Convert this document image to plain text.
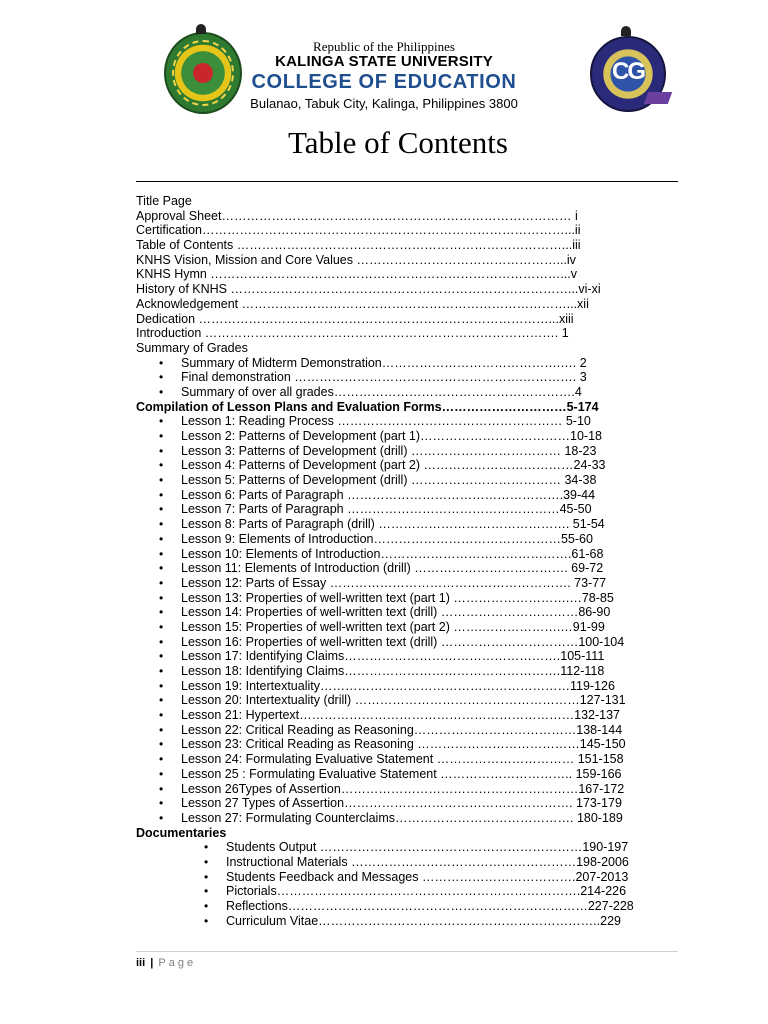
CG
Republic of the Philippines
KALINGA STATE UNIVERSITY
COLLEGE OF EDUCATION
Bulanao, Tabuk City, Kalinga, Philippines 3800
Table of Contents
Title Page
Approval Sheet………………………………………………………………………… i
Certification……………………………………………………………………………...ii
Table of Contents ……………………………………………………………………...iii
KNHS Vision, Mission and Core Values …………………………………………...iv
KNHS Hymn …………………………………………………………………………...v
History of KNHS ………………………………………………………………………...vi-xi
Acknowledgement ……………………………………………………………………...xii
Dedication …………………………………………………………………………...xiii
Introduction …………………………………………………………………………. 1
Summary of Grades
• Summary of Midterm Demonstration…………………………………….…. 2
• Final demonstration ……………………………………………….…………. 3
• Summary of over all grades………………………………………………….4
Compilation of Lesson Plans and Evaluation Forms…………………………5-174
• Lesson 1: Reading Process ……………………………………………… 5-10
• Lesson 2: Patterns of Development (part 1)………………………………10-18
• Lesson 3: Patterns of Development (drill) ……………………………… 18-23
• Lesson 4: Patterns of Development (part 2) ………………………………24-33
• Lesson 5: Patterns of Development (drill) ……………………………… 34-38
• Lesson 6: Parts of Paragraph …………………………………………….39-44
• Lesson 7: Parts of Paragraph ……………………………………………45-50
• Lesson 8: Parts of Paragraph (drill) ………………………………………. 51-54
• Lesson 9: Elements of Introduction………………………………………55-60
• Lesson 10: Elements of Introduction……………………………………….61-68
• Lesson 11: Elements of Introduction (drill) ………………………………. 69-72
• Lesson 12: Parts of Essay …………………………………………………. 73-77
• Lesson 13: Properties of well-written text (part 1) ……………………….…78-85
• Lesson 14: Properties of well-written text (drill) ……………………………86-90
• Lesson 15: Properties of well-written text (part 2) …….……………….…91-99
• Lesson 16: Properties of well-written text (drill) ……………………………100-104
• Lesson 17: Identifying Claims…………………………………………….105-111
• Lesson 18: Identifying Claims…………………………………………….112-118
• Lesson 19: Intertextuality……………………………………………………119-126
• Lesson 20: Intertextuality (drill) ………………………………………………127-131
• Lesson 21: Hypertext…………………………………………………………132-137
• Lesson 22: Critical Reading as Reasoning…………………………………138-144
• Lesson 23: Critical Reading as Reasoning …………………………………145-150
• Lesson 24: Formulating Evaluative Statement …………………………… 151-158
• Lesson 25 : Formulating Evaluative Statement ………………………….. 159-166
• Lesson 26Types of Assertion…………………………………………………167-172
• Lesson 27 Types of Assertion………………………………………………. 173-179
• Lesson 27: Formulating Counterclaims……………………………………. 180-189
Documentaries
• Students Output ………………………………………………………190-197
• Instructional Materials ………………………………………………198-2006
• Students Feedback and Messages ……………………………….207-2013
• Pictorials……………………………………………………………….214-226
• Reflections………………………………………………………………227-228
• Curriculum Vitae…………………………………………………………..229
iii | Page
